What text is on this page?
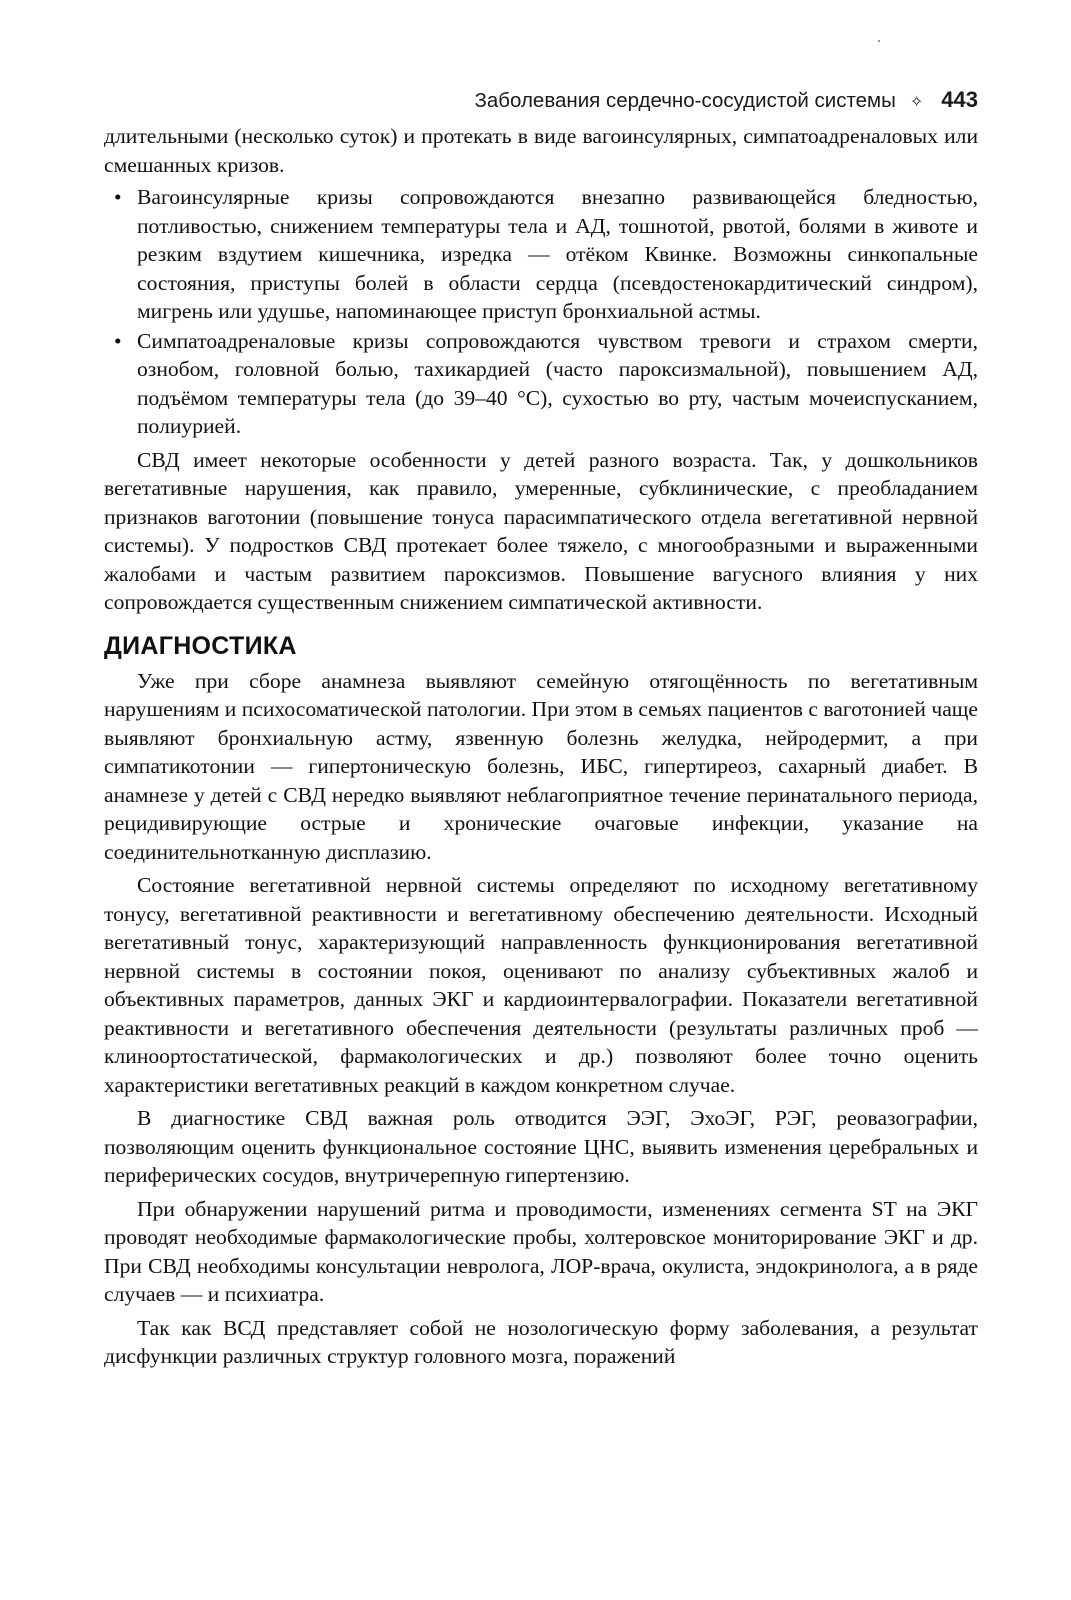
Заболевания сердечно-сосудистой системы ✧ 443

длительными (несколько суток) и протекать в виде вагоинсулярных, симпатоадреналовых или смешанных кризов.

• Вагоинсулярные кризы сопровождаются внезапно развивающейся бледностью, потливостью, снижением температуры тела и АД, тошнотой, рвотой, болями в животе и резким вздутием кишечника, изредка — отёком Квинке. Возможны синкопальные состояния, приступы болей в области сердца (псевдостенокардитический синдром), мигрень или удушье, напоминающее приступ бронхиальной астмы.
• Симпатоадреналовые кризы сопровождаются чувством тревоги и страхом смерти, ознобом, головной болью, тахикардией (часто пароксизмальной), повышением АД, подъёмом температуры тела (до 39–40 °С), сухостью во рту, частым мочеиспусканием, полиурией.

СВД имеет некоторые особенности у детей разного возраста. Так, у дошкольников вегетативные нарушения, как правило, умеренные, субклинические, с преобладанием признаков ваготонии (повышение тонуса парасимпатического отдела вегетативной нервной системы). У подростков СВД протекает более тяжело, с многообразными и выраженными жалобами и частым развитием пароксизмов. Повышение вагусного влияния у них сопровождается существенным снижением симпатической активности.

ДИАГНОСТИКА

Уже при сборе анамнеза выявляют семейную отягощённость по вегетативным нарушениям и психосоматической патологии. При этом в семьях пациентов с ваготонией чаще выявляют бронхиальную астму, язвенную болезнь желудка, нейродермит, а при симпатикотонии — гипертоническую болезнь, ИБС, гипертиреоз, сахарный диабет. В анамнезе у детей с СВД нередко выявляют неблагоприятное течение перинатального периода, рецидивирующие острые и хронические очаговые инфекции, указание на соединительнотканную дисплазию.

Состояние вегетативной нервной системы определяют по исходному вегетативному тонусу, вегетативной реактивности и вегетативному обеспечению деятельности. Исходный вегетативный тонус, характеризующий направленность функционирования вегетативной нервной системы в состоянии покоя, оценивают по анализу субъективных жалоб и объективных параметров, данных ЭКГ и кардиоинтервалографии. Показатели вегетативной реактивности и вегетативного обеспечения деятельности (результаты различных проб — клиноортостатической, фармакологических и др.) позволяют более точно оценить характеристики вегетативных реакций в каждом конкретном случае.

В диагностике СВД важная роль отводится ЭЭГ, ЭхоЭГ, РЭГ, реовазографии, позволяющим оценить функциональное состояние ЦНС, выявить изменения церебральных и периферических сосудов, внутричерепную гипертензию.

При обнаружении нарушений ритма и проводимости, изменениях сегмента ST на ЭКГ проводят необходимые фармакологические пробы, холтеровское мониторирование ЭКГ и др. При СВД необходимы консультации невролога, ЛОР-врача, окулиста, эндокринолога, а в ряде случаев — и психиатра.

Так как ВСД представляет собой не нозологическую форму заболевания, а результат дисфункции различных структур головного мозга, поражений
